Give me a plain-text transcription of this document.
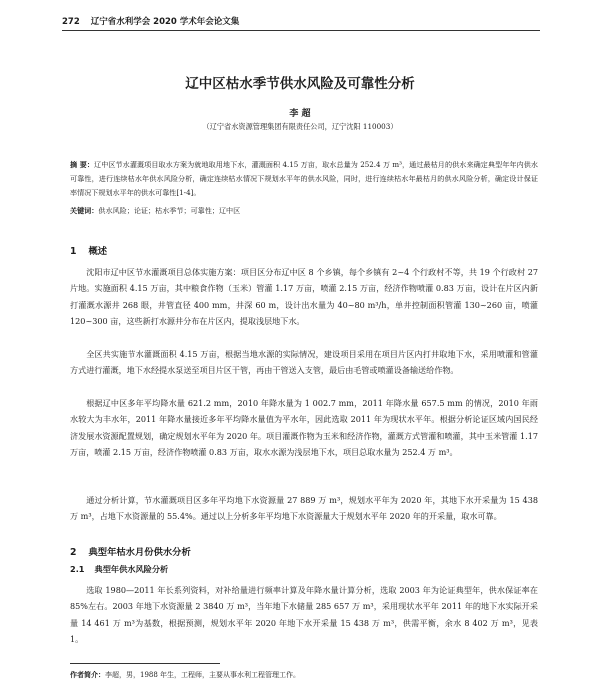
272 辽宁省水利学会 2020 学术年会论文集
辽中区枯水季节供水风险及可靠性分析
李 超
（辽宁省水资源管理集团有限责任公司，辽宁沈阳 110003）
摘 要：辽中区节水灌溉项目取水方案为就地取用地下水，灌溉面积 4.15 万亩，取水总量为 252.4 万 m³，通过最枯月的供水来确定典型年年内供水可靠性，进行连续枯水年供水风险分析，确定连续枯水情况下规划水平年的供水风险，同时，进行连续枯水年最枯月的供水风险分析，确定设计保证率情况下规划水平年的供水可靠性[1-4]。
关键词：供水风险；论证；枯水季节；可靠性；辽中区
1 概述
沈阳市辽中区节水灌溉项目总体实施方案：项目区分布辽中区 8 个乡镇，每个乡镇有 2~4 个行政村不等，共 19 个行政村 27 片地。实施面积 4.15 万亩，其中粮食作物（玉米）管灌 1.17 万亩，喷灌 2.15 万亩，经济作物喷灌 0.83 万亩，设计在片区内新打灌溉水源井 268 眼，井管直径 400 mm，井深 60 m，设计出水量为 40~80 m³/h，单井控制面积管灌 130~260 亩，喷灌 120~300 亩，这些新打水源井分布在片区内，提取浅层地下水。
全区共实施节水灌溉面积 4.15 万亩，根据当地水源的实际情况，建设项目采用在项目片区内打井取地下水，采用喷灌和管灌方式进行灌溉，地下水经提水泵送至项目片区干管，再由干管送入支管，最后由毛管或喷灌设备输送给作物。
根据辽中区多年平均降水量 621.2 mm，2010 年降水量为 1 002.7 mm，2011 年降水量 657.5 mm 的情况，2010 年雨水较大为丰水年，2011 年降水量接近多年平均降水量值为平水年，因此选取 2011 年为现状水平年。根据分析论证区域内国民经济发展水资源配置规划，确定规划水平年为 2020 年。项目灌溉作物为玉米和经济作物，灌溉方式管灌和喷灌，其中玉米管灌 1.17 万亩，喷灌 2.15 万亩，经济作物喷灌 0.83 万亩，取水水源为浅层地下水，项目总取水量为 252.4 万 m³。
通过分析计算，节水灌溉项目区多年平均地下水资源量 27 889 万 m³，规划水平年为 2020 年，其地下水开采量为 15 438 万 m³，占地下水资源量的 55.4%。通过以上分析多年平均地下水资源量大于规划水平年 2020 年的开采量，取水可靠。
2 典型年枯水月份供水分析
2.1 典型年供水风险分析
选取 1980—2011 年长系列资料，对补给量进行频率计算及年降水量计算分析，选取 2003 年为论证典型年，供水保证率在 85%左右。2003 年地下水资源量 2 3840 万 m³，当年地下水储量 285 657 万 m³，采用现状水平年 2011 年的地下水实际开采量 14 461 万 m³为基数，根据预测，规划水平年 2020 年地下水开采量 15 438 万 m³，供需平衡，余水 8 402 万 m³，见表 1。
作者简介：李超，男，1988 年生，工程师，主要从事水利工程管理工作。
